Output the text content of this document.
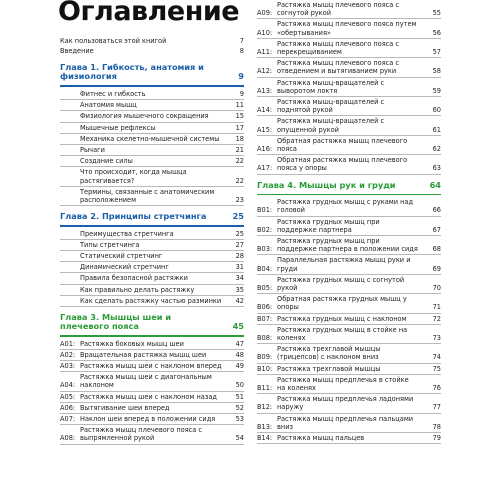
Оглавление
Как пользоваться этой книгой	7
Введение	8
Глава 1. Гибкость, анатомия и физиология	9
Фитнес и гибкость	9
Анатомия мышц	11
Физиология мышечного сокращения	15
Мышечные рефлексы	17
Механика скелетно-мышечной системы	18
Рычаги	21
Создание силы	22
Что происходит, когда мышца растягивается?	22
Термины, связанные с анатомическим расположением	23
Глава 2. Принципы стретчинга	25
Преимущества стретчинга	25
Типы стретчинга	27
Статический стретчинг	28
Динамический стретчинг	31
Правила безопасной растяжки	34
Как правильно делать растяжку	35
Как сделать растяжку частью разминки	42
Глава 3. Мышцы шеи и плечевого пояса	45
A01: Растяжка боковых мышц шеи	47
A02: Вращательная растяжка мышц шеи	48
A03: Растяжка мышц шеи с наклоном вперед	49
A04:
Растяжка мышц шеи с диагональным наклоном	50
A05: Растяжка мышц шеи с наклоном назад	51
A06: Вытягивание шеи вперед	52
A07: Наклон шеи вперед в положении сидя	53
A08:
Растяжка мышц плечевого пояса с выпрямленной рукой	54
A09:
Растяжка мышц плечевого пояса с согнутой рукой	55
A10:
Растяжка мышц плечевого пояса путем «обертывания»	56
A11:
Растяжка мышц плечевого пояса с перекрещиванием	57
A12:
Растяжка мышц плечевого пояса с отведением и вытягиванием руки	58
A13:
Растяжка мышц-вращателей с выворотом локтя	59
A14:
Растяжка мышц-вращателей с поднятой рукой	60
A15:
Растяжка мышц-вращателей с опущенной рукой	61
A16:
Обратная растяжка мышц плечевого пояса	62
A17:
Обратная растяжка мышц плечевого пояса у опоры	63
Глава 4. Мышцы рук и груди	64
B01:
Растяжка грудных мышц с руками над головой	66
B02:
Растяжка грудных мышц при поддержке партнера	67
B03:
Растяжка грудных мышц при поддержке партнера в положении сидя	68
B04:
Параллельная растяжка мышц руки и груди	69
B05:
Растяжка грудных мышц с согнутой рукой	70
B06:
Обратная растяжка грудных мышц у опоры	71
B07: Растяжка грудных мышц с наклоном	72
B08:
Растяжка грудных мышц в стойке на коленях	73
B09:
Растяжка трехглавой мышцы (трицепсов) с наклоном вниз	74
B10: Растяжка трехглавой мышцы	75
B11:
Растяжка мышц предплечья в стойке на коленях	76
B12:
Растяжка мышц предплечья ладонями наружу	77
B13:
Растяжка мышц предплечья пальцами вниз	78
B14: Растяжка мышц пальцев	79
